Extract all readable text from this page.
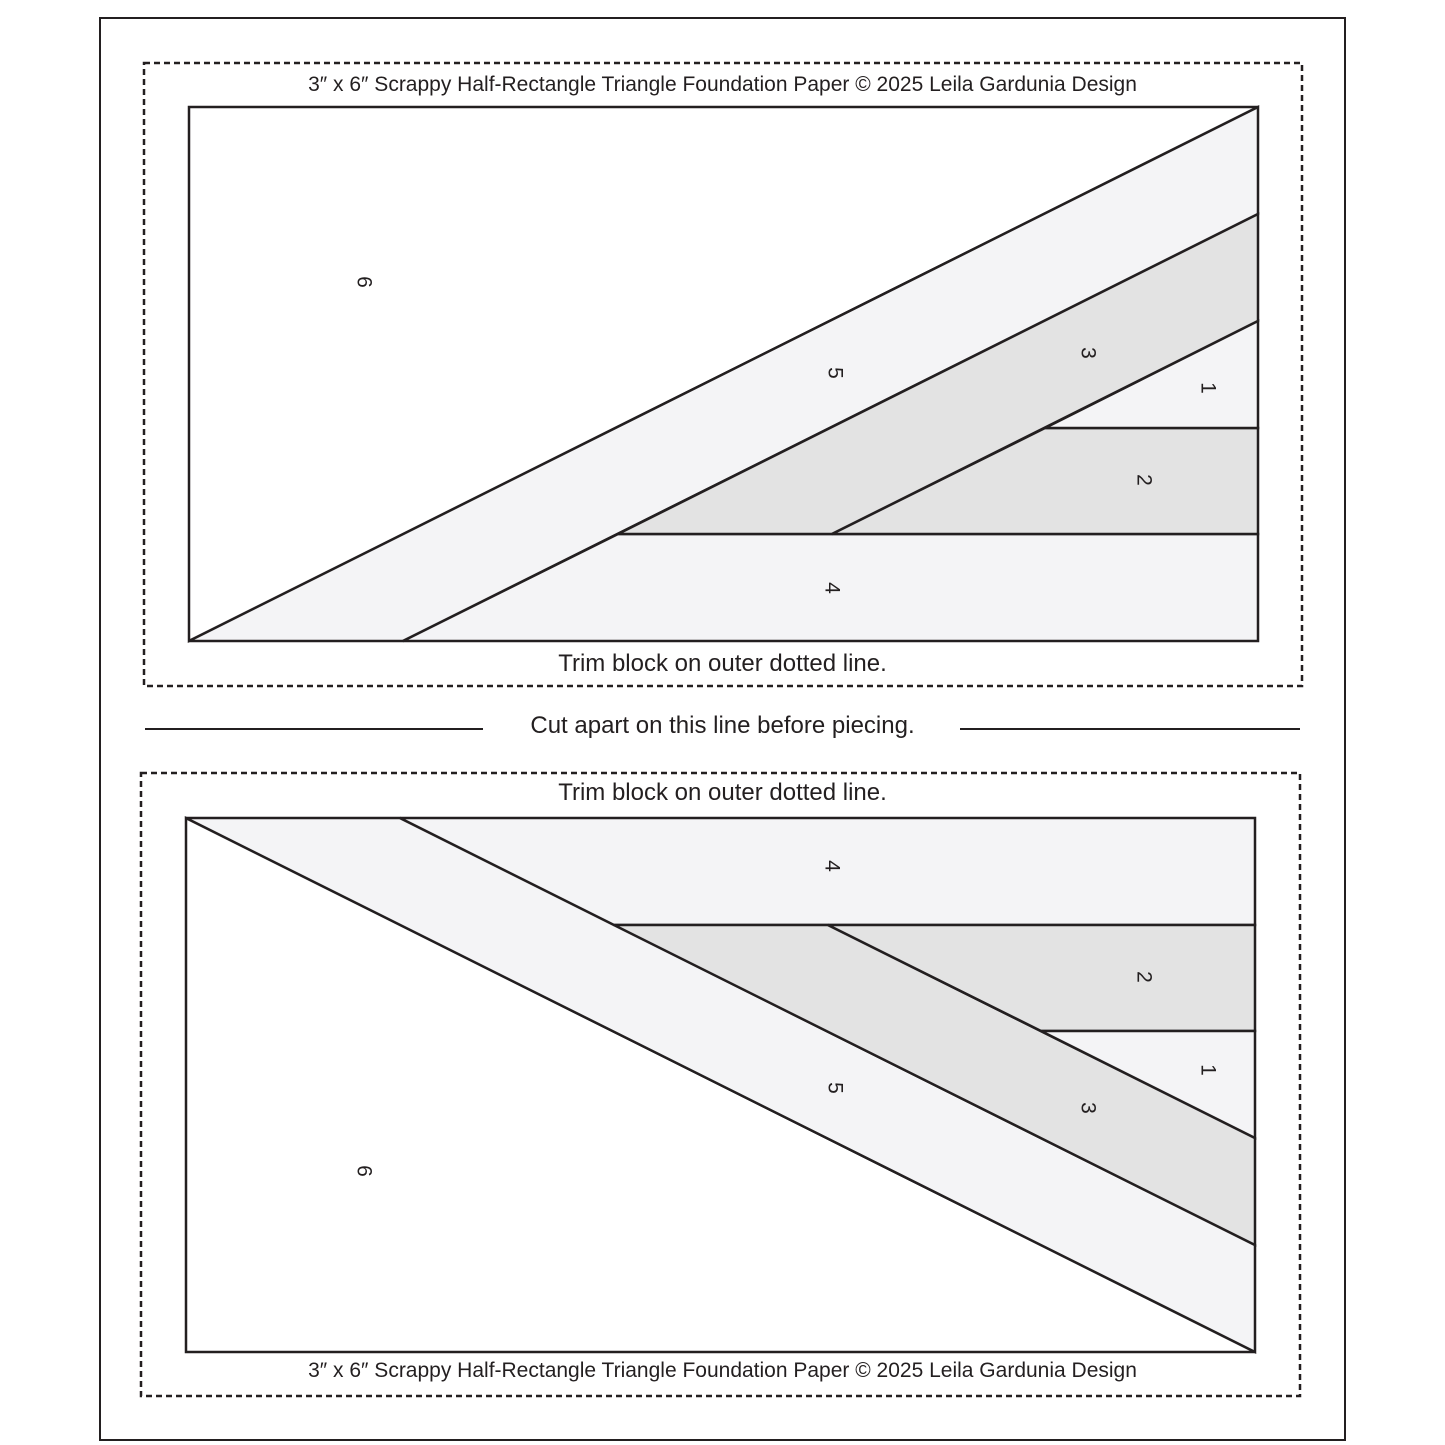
6
5
3
1
2
4
4
2
1
5
3
6
3″ x 6″ Scrappy Half-Rectangle Triangle Foundation Paper © 2025 Leila Gardunia Design
Trim block on outer dotted line.
Cut apart on this line before piecing.
Trim block on outer dotted line.
3″ x 6″ Scrappy Half-Rectangle Triangle Foundation Paper © 2025 Leila Gardunia Design
